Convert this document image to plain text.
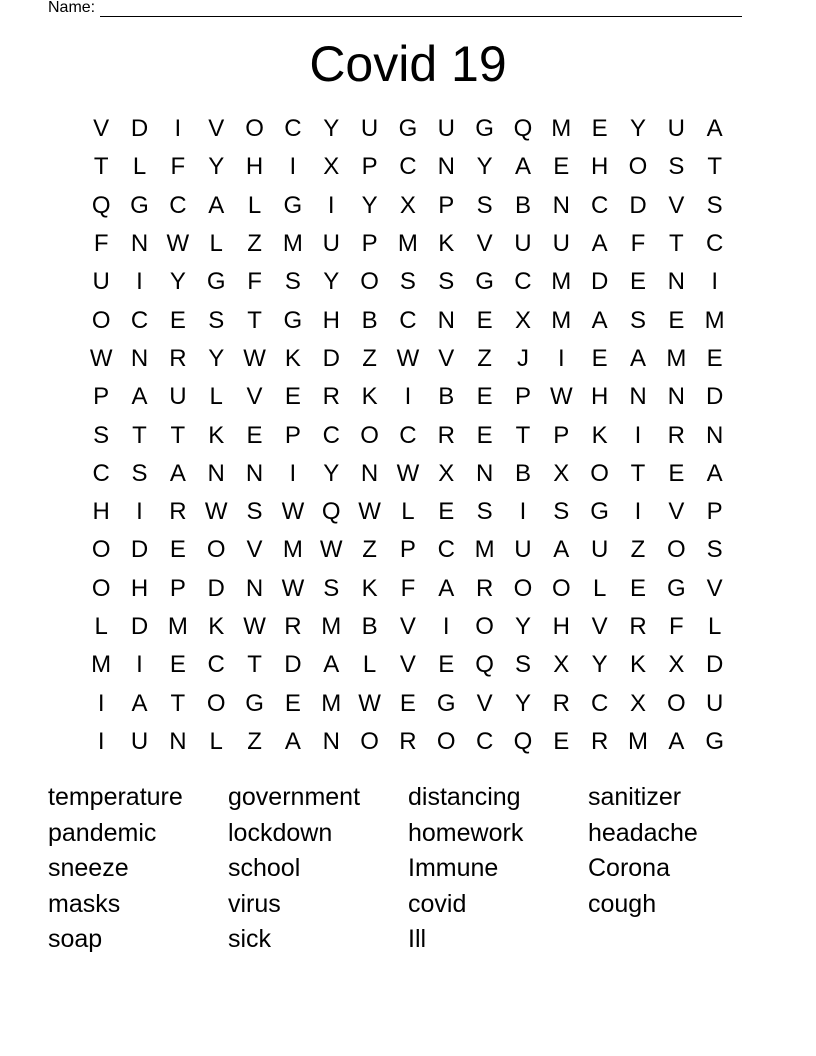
Name:
Covid 19
V D	I	V O C Y U G U G Q M E Y U A
T	L	F Y H	I	X P C N Y A E H O S T
Q G C A L G	I	Y X P S B N C D V S
F N W L	Z M U P M K V U U A F T C
U	I	Y G F S Y O S S G C M D E N	I
O C E S T G H B C N E X M A S E M
W N R Y W K D Z W V Z	J	I	E A M E
P A U L V E R K	I	B E P W H N N D
S T T K E P C O C R E T P K	I	R N
C S A N N	I	Y N W X N B X O T E A
H	I	R W S W Q W L E S	I	S G	I	V P
O D E O V M W Z P C M U A U Z O S
O H P D N W S K F A R O O L E G V
L D M K W R M B V	I	O Y H V R F	L
M	I	E C T D A L V E Q S X Y K X D
I	A T O G E M W E G V Y R C X O U
I	U N L	Z A N O R O C Q E R M A G
temperature	government	distancing	sanitizer
pandemic	lockdown	homework	headache
sneeze	school	Immune	Corona
masks	virus	covid	cough
soap	sick	Ill
